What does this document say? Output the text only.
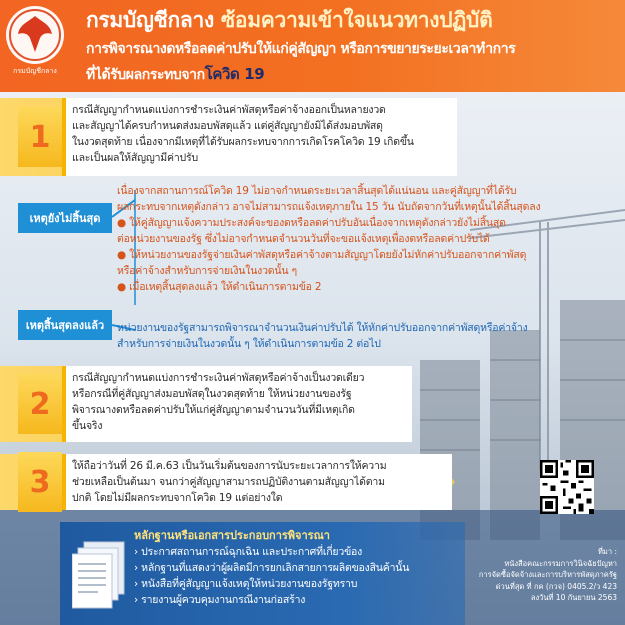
กรมบัญชีกลาง
กรมบัญชีกลาง ซ้อมความเข้าใจแนวทางปฏิบัติ
การพิจารณางดหรือลดค่าปรับให้แก่คู่สัญญา หรือการขยายระยะเวลาทำการ
ที่ได้รับผลกระทบจากโควิด 19
1
กรณีสัญญากำหนดแบ่งการชำระเงินค่าพัสดุหรือค่าจ้างออกเป็นหลายงวด
และสัญญาได้ครบกำหนดส่งมอบพัสดุแล้ว แต่คู่สัญญายังมิได้ส่งมอบพัสดุ
ในงวดสุดท้าย เนื่องจากมีเหตุที่ได้รับผลกระทบจากการเกิดโรคโควิด 19 เกิดขึ้น
และเป็นผลให้สัญญามีค่าปรับ
เหตุยังไม่สิ้นสุด
เนื่องจากสถานการณ์โควิด 19 ไม่อาจกำหนดระยะเวลาสิ้นสุดได้แน่นอน และคู่สัญญาที่ได้รับ
ผลกระทบจากเหตุดังกล่าว อาจไม่สามารถแจ้งเหตุภายใน 15 วัน นับถัดจากวันที่เหตุนั้นได้สิ้นสุดลง
● ให้คู่สัญญาแจ้งความประสงค์จะของดหรือลดค่าปรับอันเนื่องจากเหตุดังกล่าวยังไม่สิ้นสุด
ต่อหน่วยงานของรัฐ ซึ่งไม่อาจกำหนดจำนวนวันที่จะขอแจ้งเหตุเพื่องดหรือลดค่าปรับได้
● ให้หน่วยงานของรัฐจ่ายเงินค่าพัสดุหรือค่าจ้างตามสัญญาโดยยังไม่หักค่าปรับออกจากค่าพัสดุ
หรือค่าจ้างสำหรับการจ่ายเงินในงวดนั้น ๆ
● เมื่อเหตุสิ้นสุดลงแล้ว ให้ดำเนินการตามข้อ 2
เหตุสิ้นสุดลงแล้ว	หน่วยงานของรัฐสามารถพิจารณาจำนวนเงินค่าปรับได้ ให้หักค่าปรับออกจากค่าพัสดุหรือค่าจ้าง
สำหรับการจ่ายเงินในงวดนั้น ๆ ให้ดำเนินการตามข้อ 2 ต่อไป
2
กรณีสัญญากำหนดแบ่งการชำระเงินค่าพัสดุหรือค่าจ้างเป็นงวดเดียว
หรือกรณีที่คู่สัญญาส่งมอบพัสดุในงวดสุดท้าย ให้หน่วยงานของรัฐ
พิจารณางดหรือลดค่าปรับให้แก่คู่สัญญาตามจำนวนวันที่มีเหตุเกิด
ขึ้นจริง
3	ให้ถือว่าวันที่ 26 มี.ค.63 เป็นวันเริ่มต้นของการนับระยะเวลาการให้ความ
ช่วยเหลือเป็นต้นมา จนกว่าคู่สัญญาสามารถปฏิบัติงานตามสัญญาได้ตาม
ปกติ โดยไม่มีผลกระทบจากโควิด 19 แต่อย่างใด
หลักฐานหรือเอกสารประกอบการพิจารณา
› ประกาศสถานการณ์ฉุกเฉิน และประกาศที่เกี่ยวข้อง
› หลักฐานที่แสดงว่าผู้ผลิตมีการยกเลิกสายการผลิตของสินค้านั้น
› หนังสือที่คู่สัญญาแจ้งเหตุให้หน่วยงานของรัฐทราบ
› รายงานผู้ควบคุมงานกรณีงานก่อสร้าง
ที่มา :
หนังสือคณะกรรมการวินิจฉัยปัญหา
การจัดซื้อจัดจ้างและการบริหารพัสดุภาครัฐ
ด่วนที่สุด ที่ กค (กวจ) 0405.2/ว 423
ลงวันที่ 10 กันยายน 2563
